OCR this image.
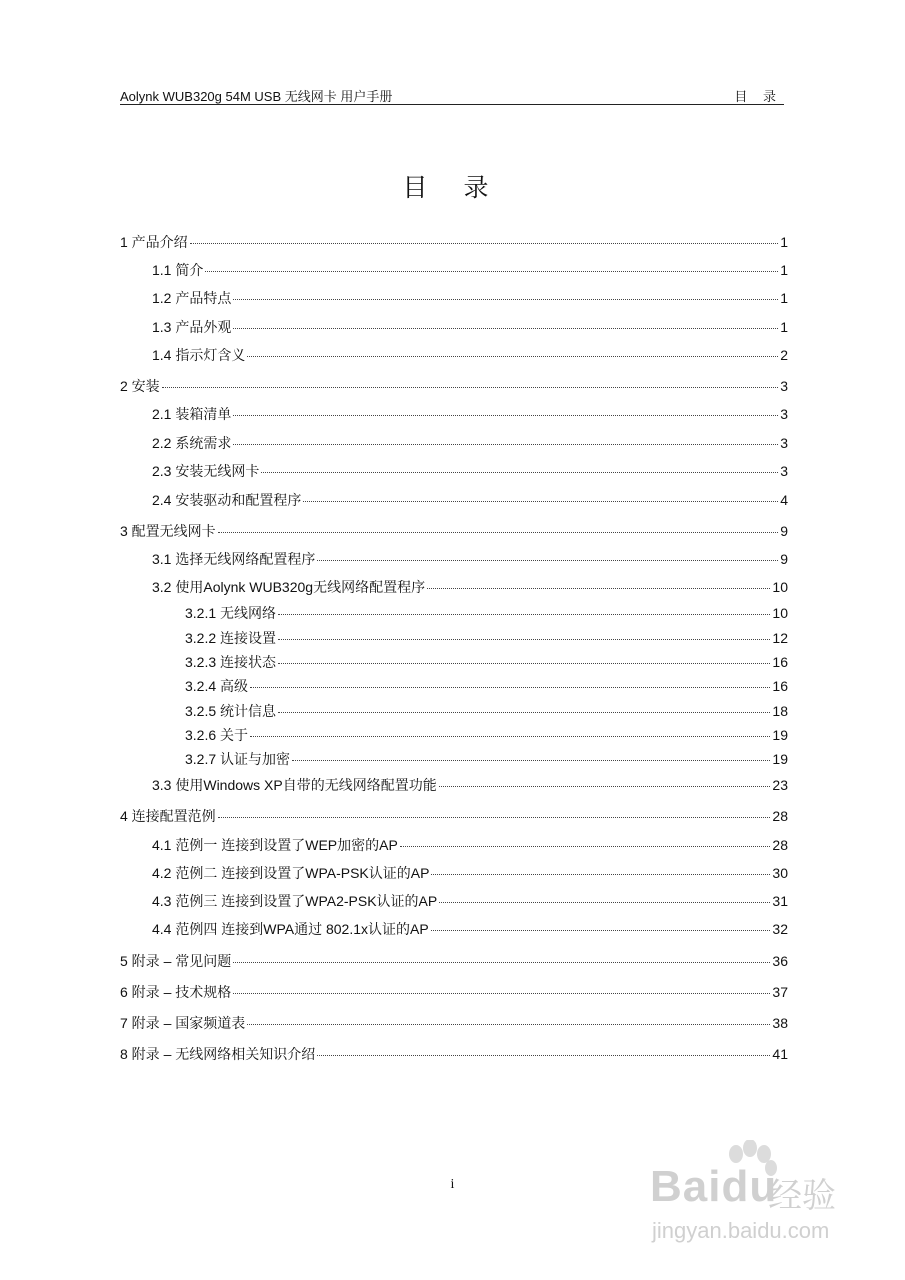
Aolynk WUB320g 54M USB 无线网卡 用户手册	目 录
目 录
1 产品介绍	1
1.1 简介	1
1.2 产品特点	1
1.3 产品外观	1
1.4 指示灯含义	2
2 安装	3
2.1 装箱清单	3
2.2 系统需求	3
2.3 安装无线网卡	3
2.4 安装驱动和配置程序	4
3 配置无线网卡	9
3.1 选择无线网络配置程序	9
3.2 使用Aolynk WUB320g无线网络配置程序	10
3.2.1 无线网络	10
3.2.2 连接设置	12
3.2.3 连接状态	16
3.2.4 高级	16
3.2.5 统计信息	18
3.2.6 关于	19
3.2.7 认证与加密	19
3.3 使用Windows XP自带的无线网络配置功能	23
4 连接配置范例	28
4.1 范例一 连接到设置了WEP加密的AP	28
4.2 范例二 连接到设置了WPA-PSK认证的AP	30
4.3 范例三 连接到设置了WPA2-PSK认证的AP	31
4.4 范例四 连接到WPA通过 802.1x认证的AP	32
5 附录 – 常见问题	36
6 附录 – 技术规格	37
7 附录 – 国家频道表	38
8 附录 – 无线网络相关知识介绍	41
i	Baidu
经验
jingyan.baidu.com
